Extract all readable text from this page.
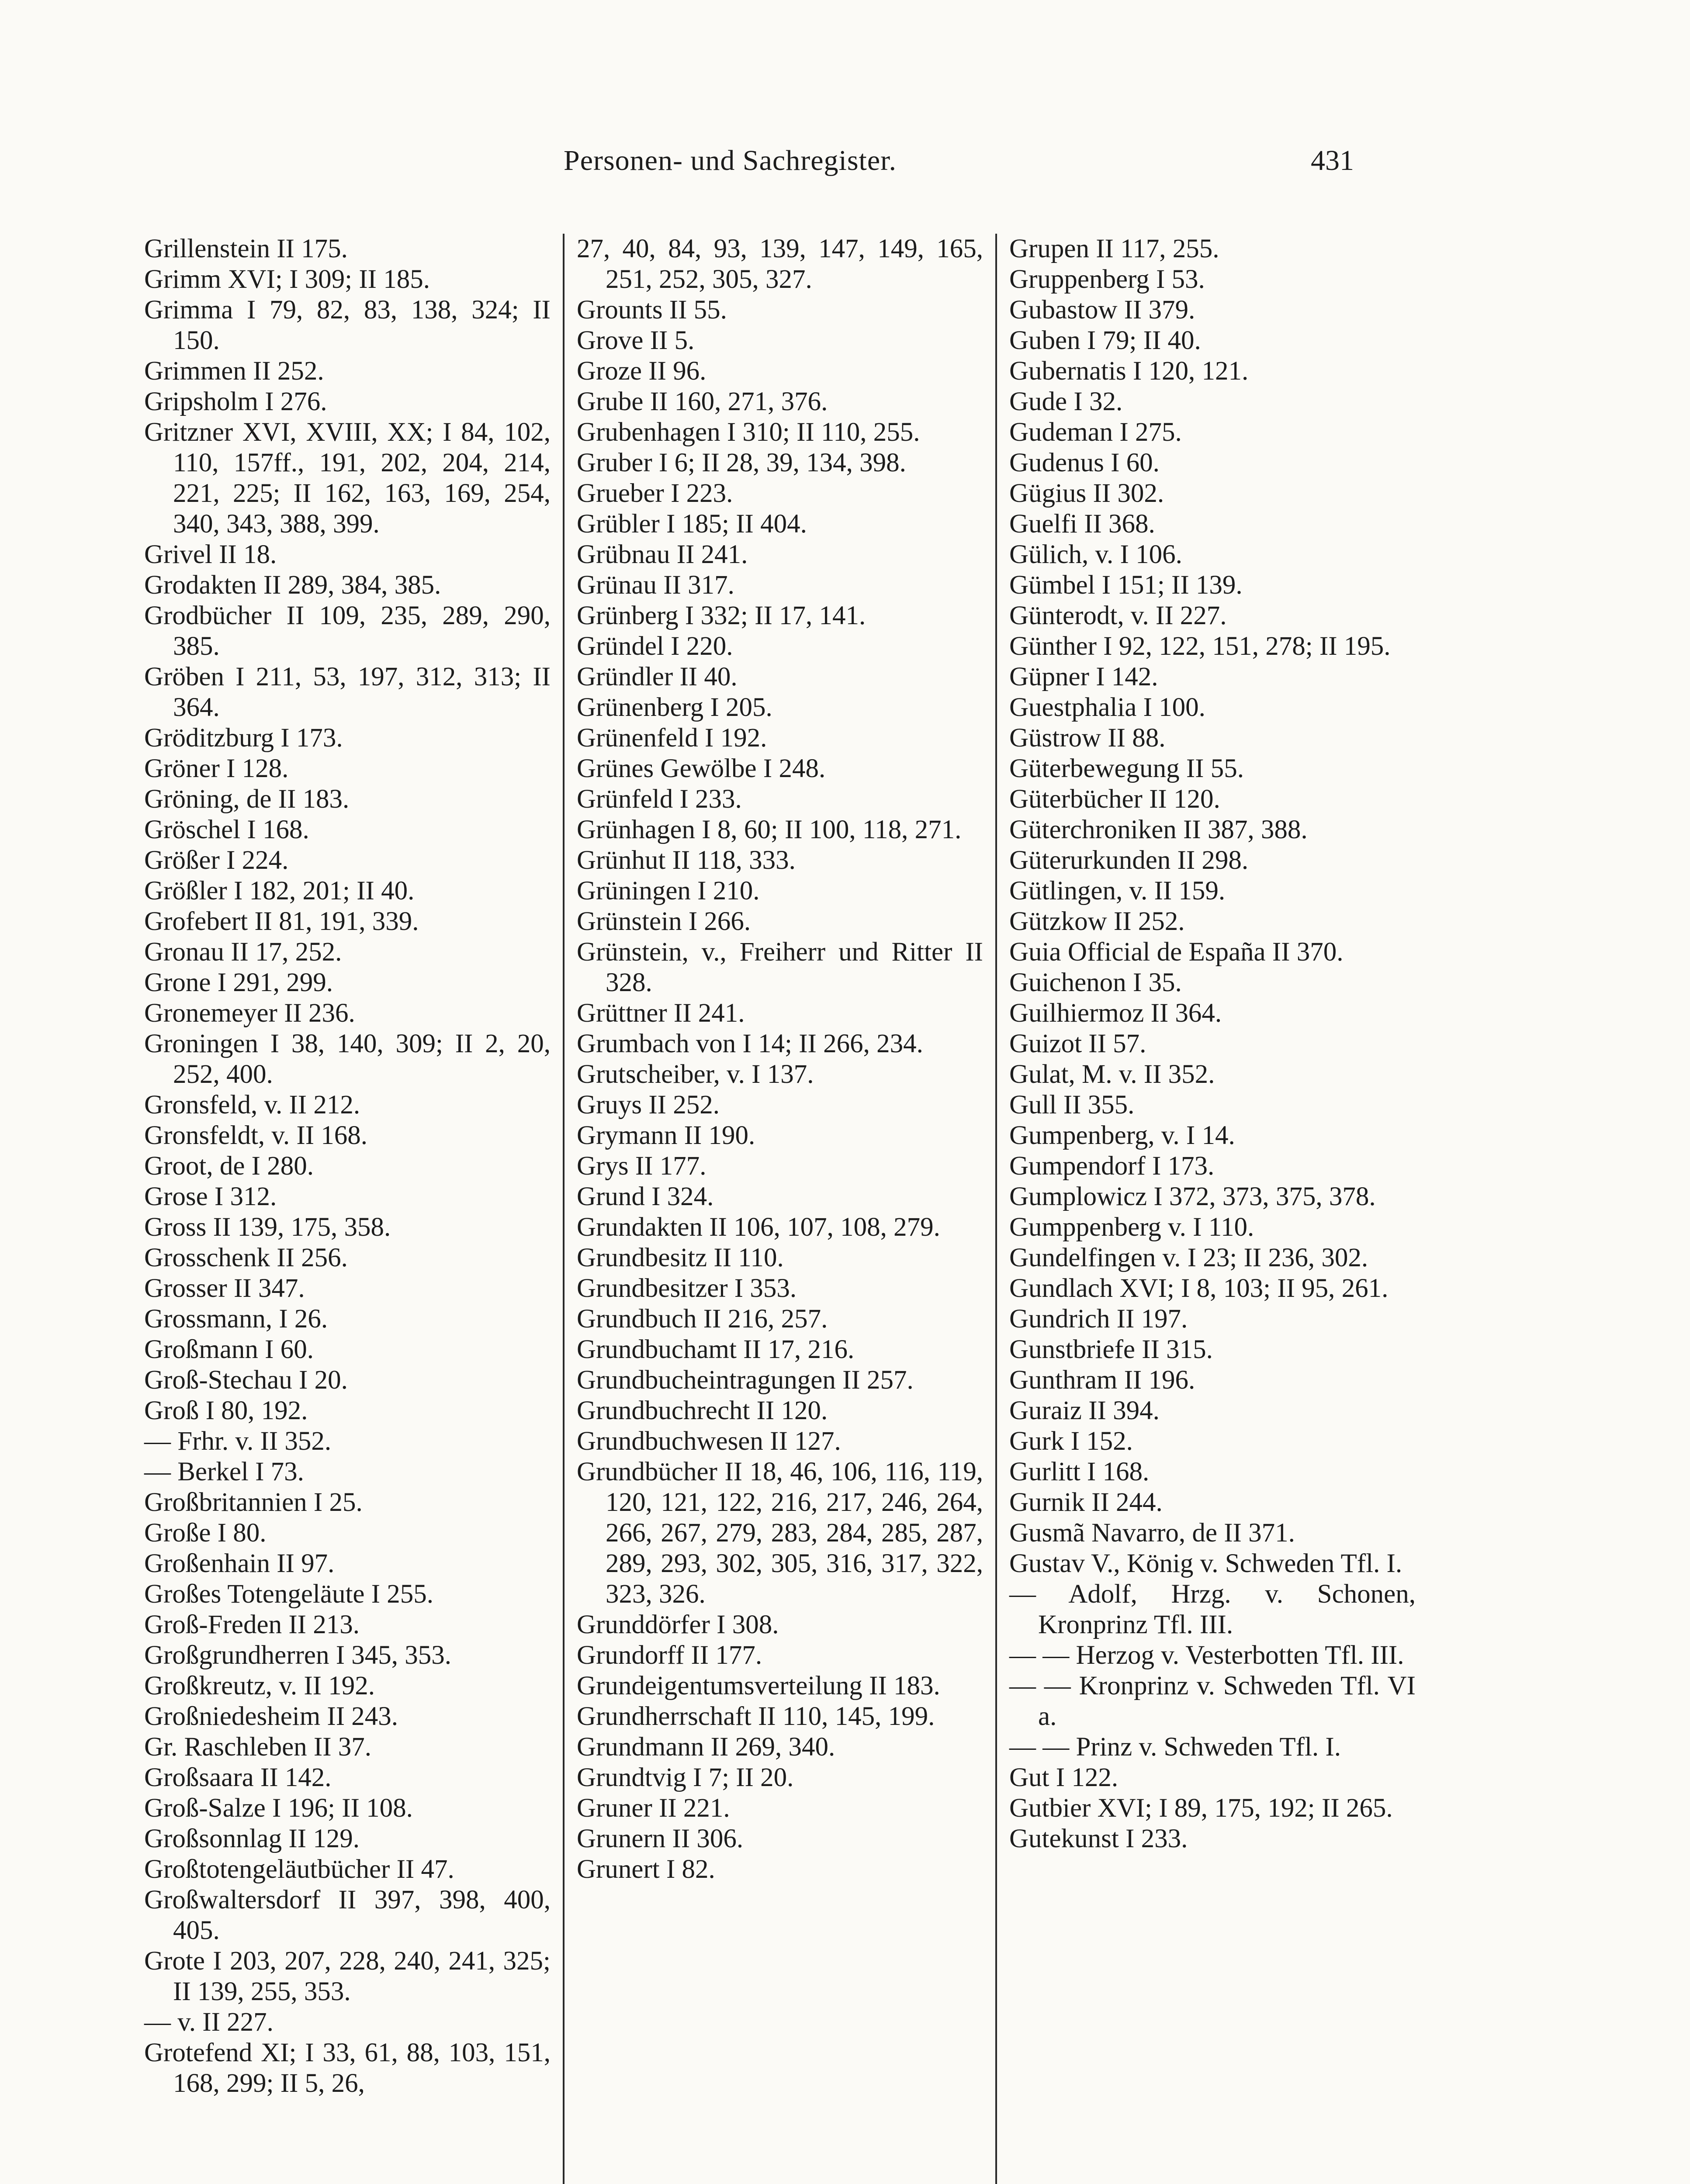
Personen- und Sachregister.	431

Grillenstein II 175.

Grimm XVI; I 309; II 185.

Grimma I 79, 82, 83, 138, 324; II 150.

Grimmen II 252.

Gripsholm I 276.

Gritzner XVI, XVIII, XX; I 84, 102, 110, 157ff., 191, 202, 204, 214, 221, 225; II 162, 163, 169, 254, 340, 343, 388, 399.

Grivel II 18.

Grodakten II 289, 384, 385.

Grodbücher II 109, 235, 289, 290, 385.

Gröben I 211, 53, 197, 312, 313; II 364.

Gröditzburg I 173.

Gröner I 128.

Gröning, de II 183.

Gröschel I 168.

Größer I 224.

Größler I 182, 201; II 40.

Grofebert II 81, 191, 339.

Gronau II 17, 252.

Grone I 291, 299.

Gronemeyer II 236.

Groningen I 38, 140, 309; II 2, 20, 252, 400.

Gronsfeld, v. II 212.

Gronsfeldt, v. II 168.

Groot, de I 280.

Grose I 312.

Gross II 139, 175, 358.

Grosschenk II 256.

Grosser II 347.

Grossmann, I 26.

Großmann I 60.

Groß-Stechau I 20.

Groß I 80, 192.

— Frhr. v. II 352.

— Berkel I 73.

Großbritannien I 25.

Große I 80.

Großenhain II 97.

Großes Totengeläute I 255.

Groß-Freden II 213.

Großgrundherren I 345, 353.

Großkreutz, v. II 192.

Großniedesheim II 243.

Gr. Raschleben II 37.

Großsaara II 142.

Groß-Salze I 196; II 108.

Großsonnlag II 129.

Großtotengeläutbücher II 47.

Großwaltersdorf II 397, 398, 400, 405.

Grote I 203, 207, 228, 240, 241, 325; II 139, 255, 353.

— v. II 227.

Grotefend XI; I 33, 61, 88, 103, 151, 168, 299; II 5, 26,

27, 40, 84, 93, 139, 147, 149, 165, 251, 252, 305, 327.

Grounts II 55.

Grove II 5.

Groze II 96.

Grube II 160, 271, 376.

Grubenhagen I 310; II 110, 255.

Gruber I 6; II 28, 39, 134, 398.

Grueber I 223.

Grübler I 185; II 404.

Grübnau II 241.

Grünau II 317.

Grünberg I 332; II 17, 141.

Gründel I 220.

Gründler II 40.

Grünenberg I 205.

Grünenfeld I 192.

Grünes Gewölbe I 248.

Grünfeld I 233.

Grünhagen I 8, 60; II 100, 118, 271.

Grünhut II 118, 333.

Grüningen I 210.

Grünstein I 266.

Grünstein, v., Freiherr und Ritter II 328.

Grüttner II 241.

Grumbach von I 14; II 266, 234.

Grutscheiber, v. I 137.

Gruys II 252.

Grymann II 190.

Grys II 177.

Grund I 324.

Grundakten II 106, 107, 108, 279.

Grundbesitz II 110.

Grundbesitzer I 353.

Grundbuch II 216, 257.

Grundbuchamt II 17, 216.

Grundbucheintragungen II 257.

Grundbuchrecht II 120.

Grundbuchwesen II 127.

Grundbücher II 18, 46, 106, 116, 119, 120, 121, 122, 216, 217, 246, 264, 266, 267, 279, 283, 284, 285, 287, 289, 293, 302, 305, 316, 317, 322, 323, 326.

Grunddörfer I 308.

Grundorff II 177.

Grundeigentumsverteilung II 183.

Grundherrschaft II 110, 145, 199.

Grundmann II 269, 340.

Grundtvig I 7; II 20.

Gruner II 221.

Grunern II 306.

Grunert I 82.

Grupen II 117, 255.

Gruppenberg I 53.

Gubastow II 379.

Guben I 79; II 40.

Gubernatis I 120, 121.

Gude I 32.

Gudeman I 275.

Gudenus I 60.

Gügius II 302.

Guelfi II 368.

Gülich, v. I 106.

Gümbel I 151; II 139.

Günterodt, v. II 227.

Günther I 92, 122, 151, 278; II 195.

Güpner I 142.

Guestphalia I 100.

Güstrow II 88.

Güterbewegung II 55.

Güterbücher II 120.

Güterchroniken II 387, 388.

Güterurkunden II 298.

Gütlingen, v. II 159.

Gützkow II 252.

Guia Official de España II 370.

Guichenon I 35.

Guilhiermoz II 364.

Guizot II 57.

Gulat, M. v. II 352.

Gull II 355.

Gumpenberg, v. I 14.

Gumpendorf I 173.

Gumplowicz I 372, 373, 375, 378.

Gumppenberg v. I 110.

Gundelfingen v. I 23; II 236, 302.

Gundlach XVI; I 8, 103; II 95, 261.

Gundrich II 197.

Gunstbriefe II 315.

Gunthram II 196.

Guraiz II 394.

Gurk I 152.

Gurlitt I 168.

Gurnik II 244.

Gusmã Navarro, de II 371.

Gustav V., König v. Schweden Tfl. I.

— Adolf, Hrzg. v. Schonen, Kronprinz Tfl. III.

— — Herzog v. Vesterbotten Tfl. III.

— — Kronprinz v. Schweden Tfl. VI a.

— — Prinz v. Schweden Tfl. I.

Gut I 122.

Gutbier XVI; I 89, 175, 192; II 265.

Gutekunst I 233.
